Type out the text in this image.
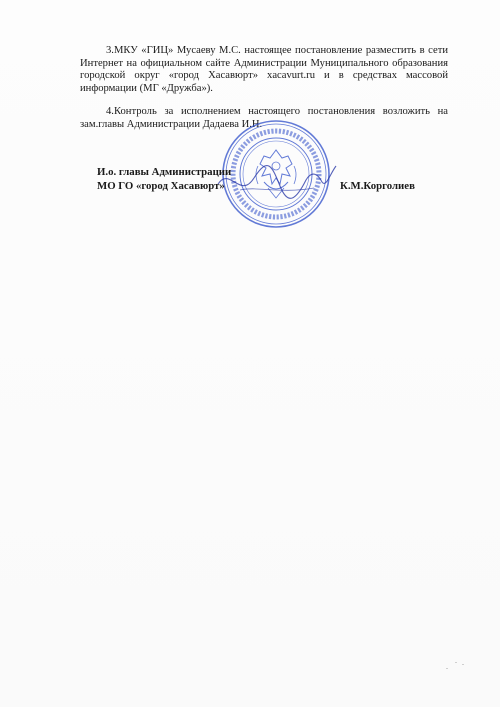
3.МКУ «ГИЦ» Мусаеву М.С. настоящее постановление разместить в сети Интернет на официальном сайте Администрации Муниципального образования городской округ «город Хасавюрт» xacavurt.ru и в средствах массовой информации (МГ «Дружба»).

4.Контроль за исполнением настоящего постановления возложить на зам.главы Администрации Дадаева И.Н.

И.о. главы Администрации
МО ГО «город Хасавюрт»	К.М.Корголиев
